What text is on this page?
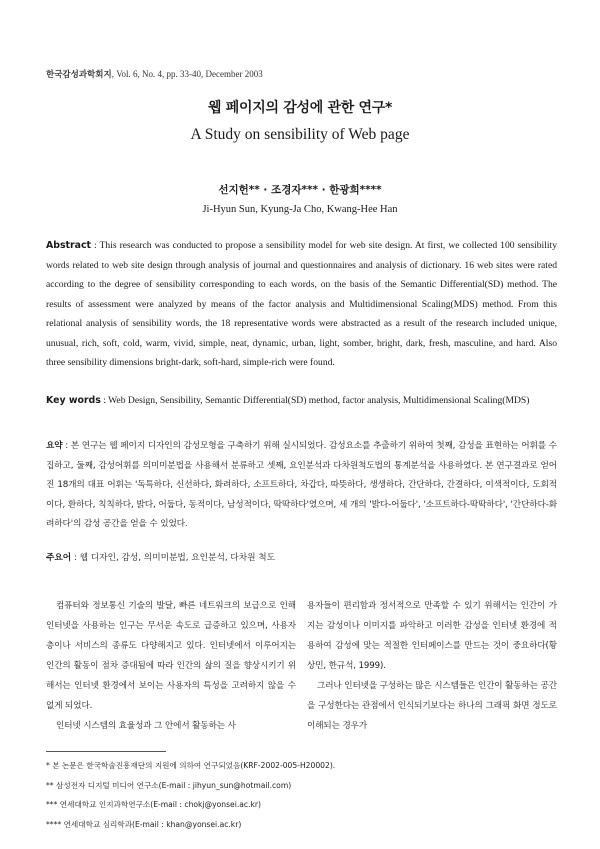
한국감성과학회지, Vol. 6, No. 4, pp. 33-40, December 2003
웹 페이지의 감성에 관한 연구*
A Study on sensibility of Web page
선지헌** · 조경자*** · 한광희****
Ji-Hyun Sun, Kyung-Ja Cho, Kwang-Hee Han
Abstract : This research was conducted to propose a sensibility model for web site design. At first, we collected 100 sensibility words related to web site design through analysis of journal and questionnaires and analysis of dictionary. 16 web sites were rated according to the degree of sensibility corresponding to each words, on the basis of the Semantic Differential(SD) method. The results of assessment were analyzed by means of the factor analysis and Multidimensional Scaling(MDS) method. From this relational analysis of sensibility words, the 18 representative words were abstracted as a result of the research included unique, unusual, rich, soft, cold, warm, vivid, simple, neat, dynamic, urban, light, somber, bright, dark, fresh, masculine, and hard. Also three sensibility dimensions bright-dark, soft-hard, simple-rich were found.
Key words : Web Design, Sensibility, Semantic Differential(SD) method, factor analysis, Multidimensional Scaling(MDS)
요약 : 본 연구는 웹 페이지 디자인의 감성모형을 구축하기 위해 실시되었다. 감성요소를 추출하기 위하여 첫째, 감성을 표현하는 어휘를 수집하고, 둘째, 감성어휘를 의미미분법을 사용해서 분류하고 셋째, 요인분석과 다차원척도법의 통계분석을 사용하였다. 본 연구결과로 얻어진 18개의 대표 어휘는 '독특하다, 신선하다, 화려하다, 소프트하다, 차갑다, 따뜻하다, 생생하다, 간단하다, 간결하다, 이색적이다, 도회적이다, 환하다, 칙칙하다, 밝다, 어둡다, 동적이다, 남성적이다, 딱딱하다'였으며, 세 개의 '밝다-어둡다', '소프트하다-딱딱하다', '간단하다-화려하다'의 감성 공간을 얻을 수 있었다.
주요어 : 웹 디자인, 감성, 의미미분법, 요인분석, 다차원 척도

컴퓨터와 정보통신 기술의 발달, 빠른 네트워크의 보급으로 인해 인터넷을 사용하는 인구는 무서운 속도로 급증하고 있으며, 사용자 층이나 서비스의 종류도 다양해지고 있다. 인터넷에서 이루어지는 인간의 활동이 점차 증대됨에 따라 인간의 삶의 질을 향상시키기 위해서는 인터넷 환경에서 보이는 사용자의 특성을 고려하지 않을 수 없게 되었다.

인터넷 시스템의 효율성과 그 안에서 활동하는 사

용자들이 편리함과 정서적으로 만족할 수 있기 위해서는 인간이 가지는 감성이나 이미지를 파악하고 이러한 감성을 인터넷 환경에 적용하여 감성에 맞는 적절한 인터페이스를 만드는 것이 중요하다(황상민, 한규석, 1999).

그러나 인터넷을 구성하는 많은 시스템들은 인간이 활동하는 공간을 구성한다는 관점에서 인식되기보다는 하나의 그래픽 화면 정도로 이해되는 경우가

* 본 논문은 한국학술진흥재단의 지원에 의하여 연구되었음(KRF-2002-005-H20002).
** 삼성전자 디지털 미디어 연구소(E-mail : jihyun_sun@hotmail.com)
*** 연세대학교 인지과학연구소(E-mail : chokj@yonsei.ac.kr)
**** 연세대학교 심리학과(E-mail : khan@yonsei.ac.kr)
